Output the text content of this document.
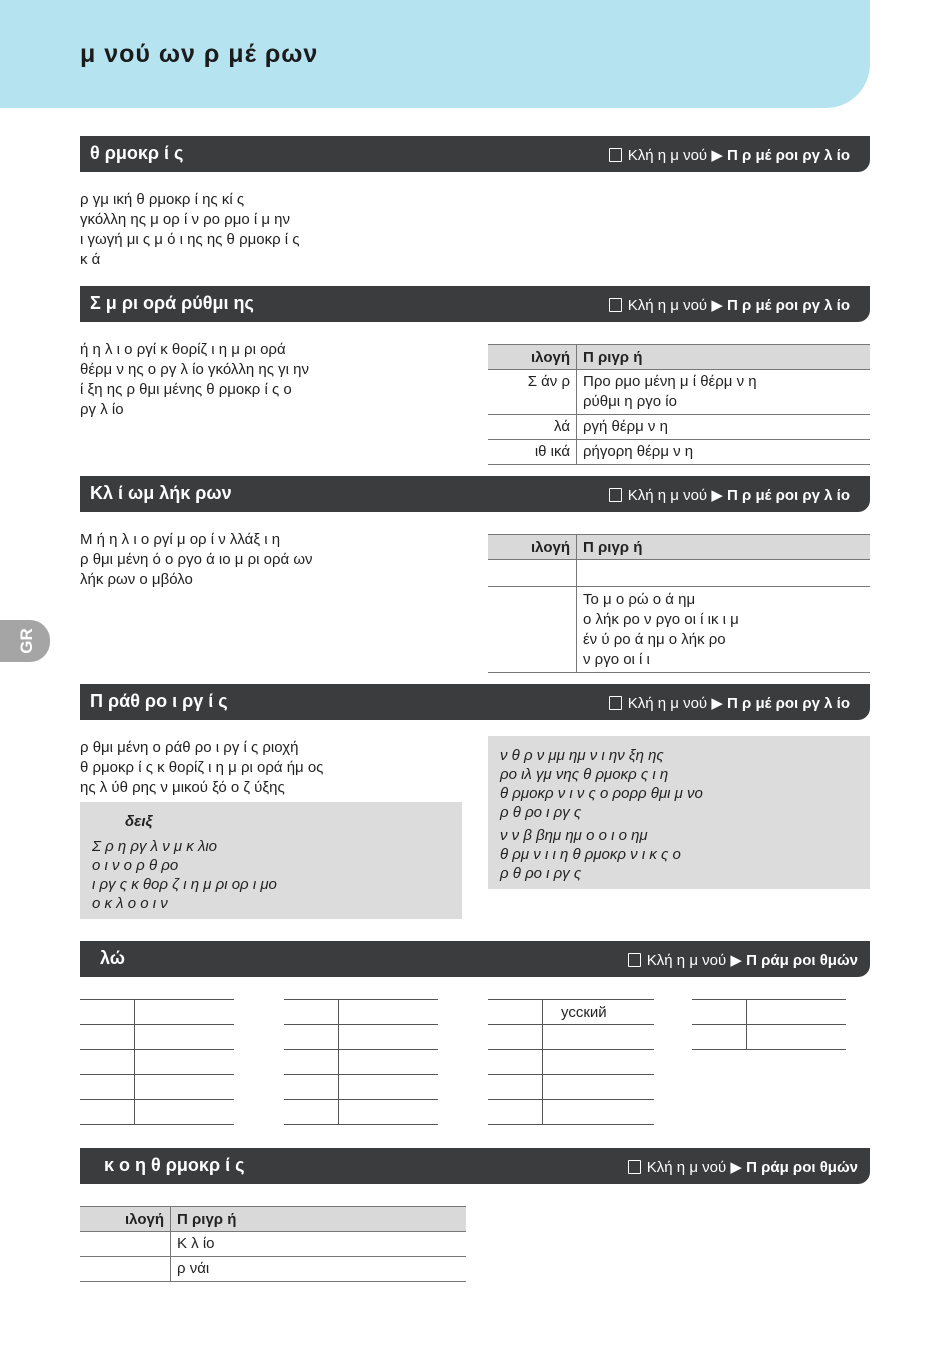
μ νού ων ρ μέ ρων
GR
θ ρμοκρ ί ς	Κλή η μ νού ▶ Π ρ μέ ροι ργ λ ίο
ρ γμ ική θ ρμοκρ ί ης κί ς
γκόλλη ης μ ορ ί ν ρο ρμο ί μ ην
ι γωγή μι ς μ ό ι ης ης θ ρμοκρ ί ς
κ ά
Σ μ ρι ορά ρύθμι ης	Κλή η μ νού ▶ Π ρ μέ ροι ργ λ ίο
ή η λ ι ο ργί κ θορίζ ι η μ ρι ορά
θέρμ ν ης ο ργ λ ίο γκόλλη ης γι ην
ί ξη ης ρ θμι μένης θ ρμοκρ ί ς ο
ργ λ ίο
ιλογή	Π ριγρ ή
Σ άν ρ	Προ ρμο μένη μ ί θέρμ ν η
ρύθμι η ργο ίο
λά	ργή θέρμ ν η
ιθ ικά	ρήγορη θέρμ ν η
Κλ ί ωμ λήκ ρων	Κλή η μ νού ▶ Π ρ μέ ροι ργ λ ίο
Μ ή η λ ι ο ργί μ ορ ί ν λλάξ ι η
ρ θμι μένη ό ο ργο ά ιο μ ρι ορά ων
λήκ ρων ο μβόλο
ιλογή	Π ριγρ ή

	Το μ ο ρώ ο ά ημ
ο λήκ ρο ν ργο οι ί ικ ι μ
έν ύ ρο ά ημ ο λήκ ρο
ν ργο οι ί ι
Π ράθ ρο ι ργ ί ς	Κλή η μ νού ▶ Π ρ μέ ροι ργ λ ίο
ρ θμι μένη ο ράθ ρο ι ργ ί ς ριοχή
θ ρμοκρ ί ς κ θορίζ ι η μ ρι ορά ήμ ος
ης λ ύθ ρης ν μικού ξό ο ζ ύξης
δειξ
Σ ρ η ργ λ ν μ κ λιο
ο ι ν ο ρ θ ρο
ι ργ ς κ θορ ζ ι η μ ρι ορ ι μο
ο κ λ ο ο ι ν
ν θ ρ ν μμ ημ ν ι ην ξη ης
ρο ιλ γμ νης θ ρμοκρ ς ι η
θ ρμοκρ ν ι ν ς ο ρορρ θμι μ νο
ρ θ ρο ι ργ ς
ν ν β βημ ημ ο ο ι ο ημ
θ ρμ ν ι ι η θ ρμοκρ ν ι κ ς ο
ρ θ ρο ι ργ ς
λώ	Κλή η μ νού ▶ Π ράμ ροι θμών

	усский

κ ο η θ ρμοκρ ί ς	Κλή η μ νού ▶ Π ράμ ροι θμών
ιλογή	Π ριγρ ή
	Κ λ ίο
	ρ νάι
